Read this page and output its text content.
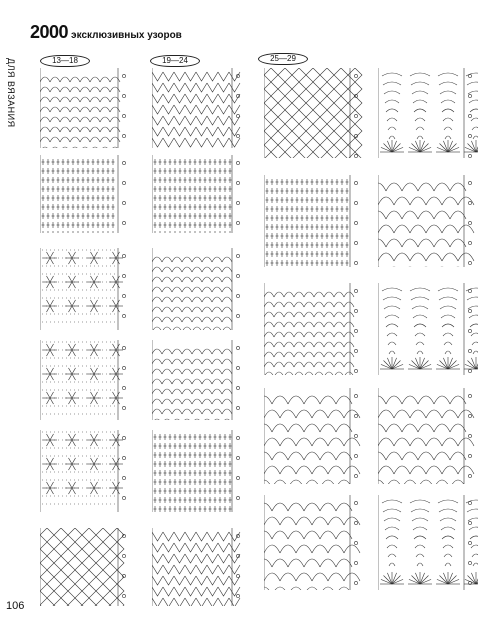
2000 эксклюзивных узоров
ДЛЯ ВЯЗАНИЯ	13—18	19—24	25—29
106
